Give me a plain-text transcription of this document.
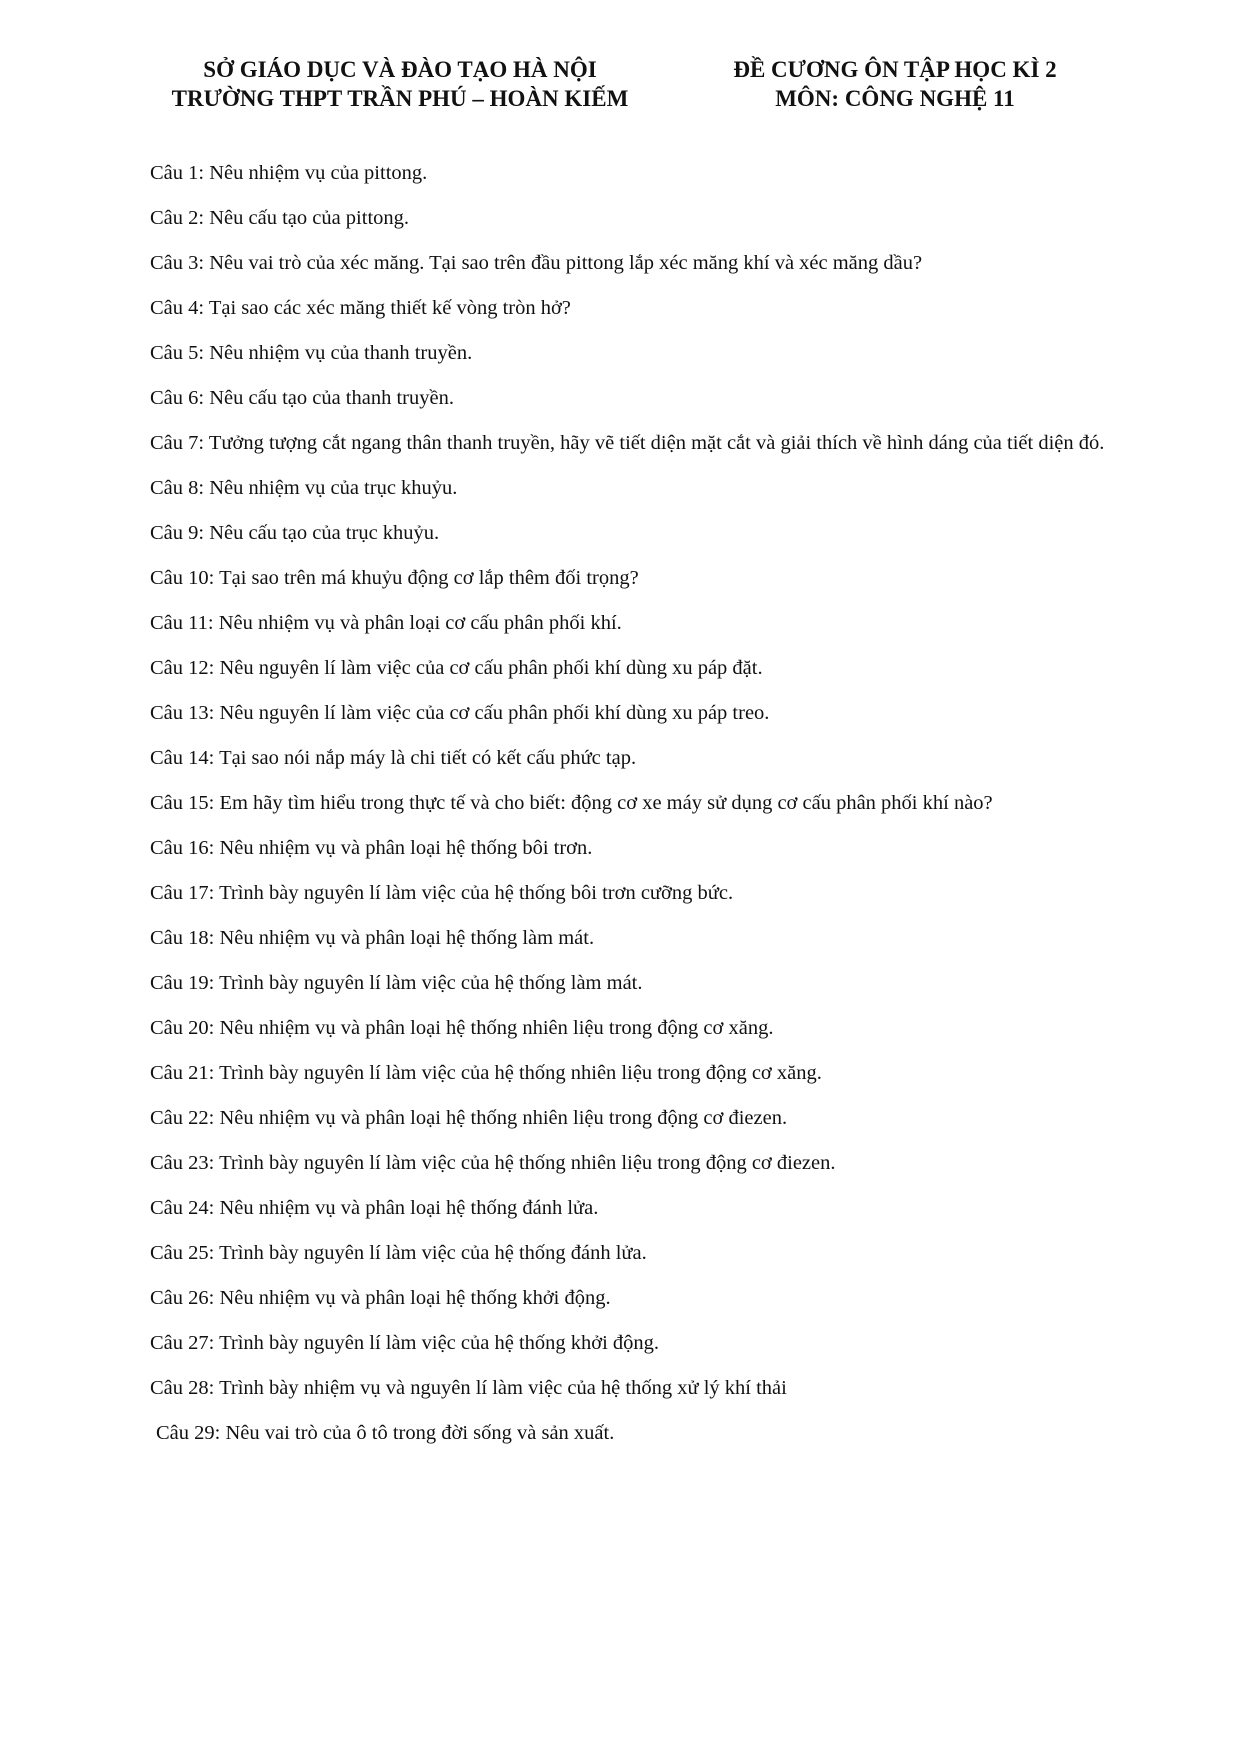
SỞ GIÁO DỤC VÀ ĐÀO TẠO HÀ NỘI
TRƯỜNG THPT TRẦN PHÚ – HOÀN KIẾM
ĐỀ CƯƠNG ÔN TẬP HỌC KÌ 2
MÔN: CÔNG NGHỆ 11
Câu 1: Nêu nhiệm vụ của pittong.
Câu 2: Nêu cấu tạo của pittong.
Câu 3: Nêu vai trò của xéc măng. Tại sao trên đầu pittong lắp xéc măng khí và xéc măng dầu?
Câu 4: Tại sao các xéc măng thiết kế vòng tròn hở?
Câu 5: Nêu nhiệm vụ của thanh truyền.
Câu 6: Nêu cấu tạo của thanh truyền.
Câu 7: Tưởng tượng cắt ngang thân thanh truyền, hãy vẽ tiết diện mặt cắt và giải thích về hình dáng của tiết diện đó.
Câu 8: Nêu nhiệm vụ của trục khuỷu.
Câu 9: Nêu cấu tạo của trục khuỷu.
Câu 10: Tại sao trên má khuỷu động cơ lắp thêm đối trọng?
Câu 11: Nêu nhiệm vụ và phân loại cơ cấu phân phối khí.
Câu 12: Nêu nguyên lí làm việc của cơ cấu phân phối khí dùng xu páp đặt.
Câu 13: Nêu nguyên lí làm việc của cơ cấu phân phối khí dùng xu páp treo.
Câu 14: Tại sao nói nắp máy là chi tiết có kết cấu phức tạp.
Câu 15: Em hãy tìm hiểu trong thực tế và cho biết: động cơ xe máy sử dụng cơ cấu phân phối khí nào?
Câu 16: Nêu nhiệm vụ và phân loại hệ thống bôi trơn.
Câu 17: Trình bày nguyên lí làm việc của hệ thống bôi trơn cưỡng bức.
Câu 18: Nêu nhiệm vụ và phân loại hệ thống làm mát.
Câu 19: Trình bày nguyên lí làm việc của hệ thống làm mát.
Câu 20: Nêu nhiệm vụ và phân loại hệ thống nhiên liệu trong động cơ xăng.
Câu 21: Trình bày nguyên lí làm việc của hệ thống nhiên liệu trong động cơ xăng.
Câu 22: Nêu nhiệm vụ và phân loại hệ thống nhiên liệu trong động cơ điezen.
Câu 23: Trình bày nguyên lí làm việc của hệ thống nhiên liệu trong động cơ điezen.
Câu 24: Nêu nhiệm vụ và phân loại hệ thống đánh lửa.
Câu 25: Trình bày nguyên lí làm việc của hệ thống đánh lửa.
Câu 26: Nêu nhiệm vụ và phân loại hệ thống khởi động.
Câu 27: Trình bày nguyên lí làm việc của hệ thống khởi động.
Câu 28: Trình bày nhiệm vụ và nguyên lí làm việc của hệ thống xử lý khí thải
Câu 29: Nêu vai trò của ô tô trong đời sống và sản xuất.
